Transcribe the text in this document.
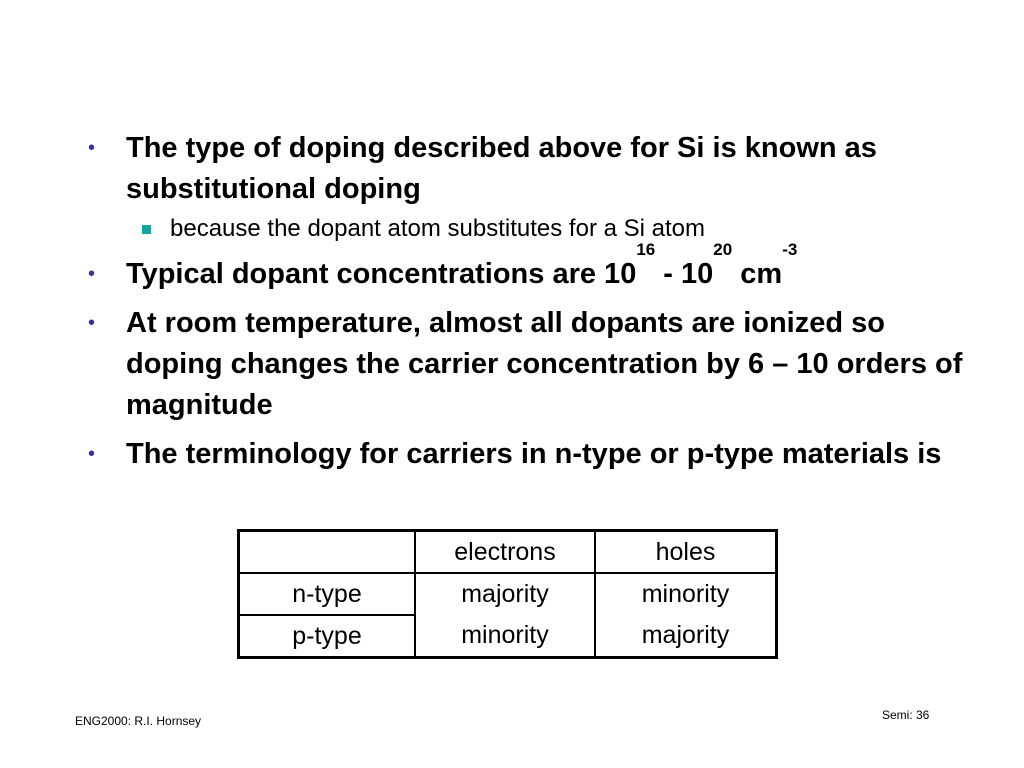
•	The type of doping described above for Si is known as substitutional doping
because the dopant atom substitutes for a Si atom
•	Typical dopant concentrations are $10^{16} - 10^{20}$ $cm^{-3}$
•	At room temperature, almost all dopants are ionized so doping changes the carrier concentration by 6 – 10 orders of magnitude
•	The terminology for carriers in n-type or p-type materials is
	electrons	holes
n-type	majority	minority
p-type	minority	majority
ENG2000: R.I. Hornsey	Semi: 36
